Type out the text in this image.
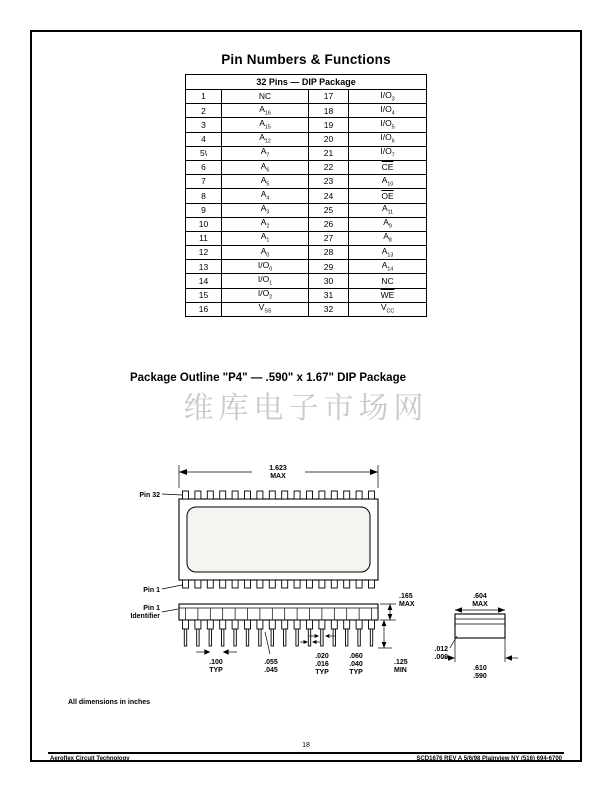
Pin Numbers & Functions
32 Pins — DIP Package			
1	NC	17	$I/O_3$
2	$A_{16}$	18	$I/O_4$
3	$A_{15}$	19	$I/O_5$
4	$A_{12}$	20	$I/O_6$
5\	$A_7$	21	$I/O_7$
6	$A_6$	22	$\overline{CE}$
7	$A_5$	23	$A_{10}$
8	$A_4$	24	$\overline{OE}$
9	$A_3$	25	$A_{11}$
10	$A_2$	26	$A_9$
11	$A_1$	27	$A_8$
12	$A_0$	28	$A_{13}$
13	$I/O_0$	29	$A_{14}$
14	$I/O_1$	30	NC
15	$I/O_2$	31	$\overline{WE}$
16	$V_{SS}$	32	$V_{CC}$
Package Outline "P4" — .590" x 1.67" DIP Package
维库电子市场网
1.623
MAX
Pin 32
Pin 1
Pin 1
Identifier
.165
MAX
.125
MIN
.100
TYP
.055
.045
.020
.016
TYP
.060
.040
TYP
.604
MAX
.012
.009
.610
.590
All dimensions in inches
18
Aeroflex Circuit Technology	SCD1676 REV A 5/6/98 Plainview NY (516) 694-6700
